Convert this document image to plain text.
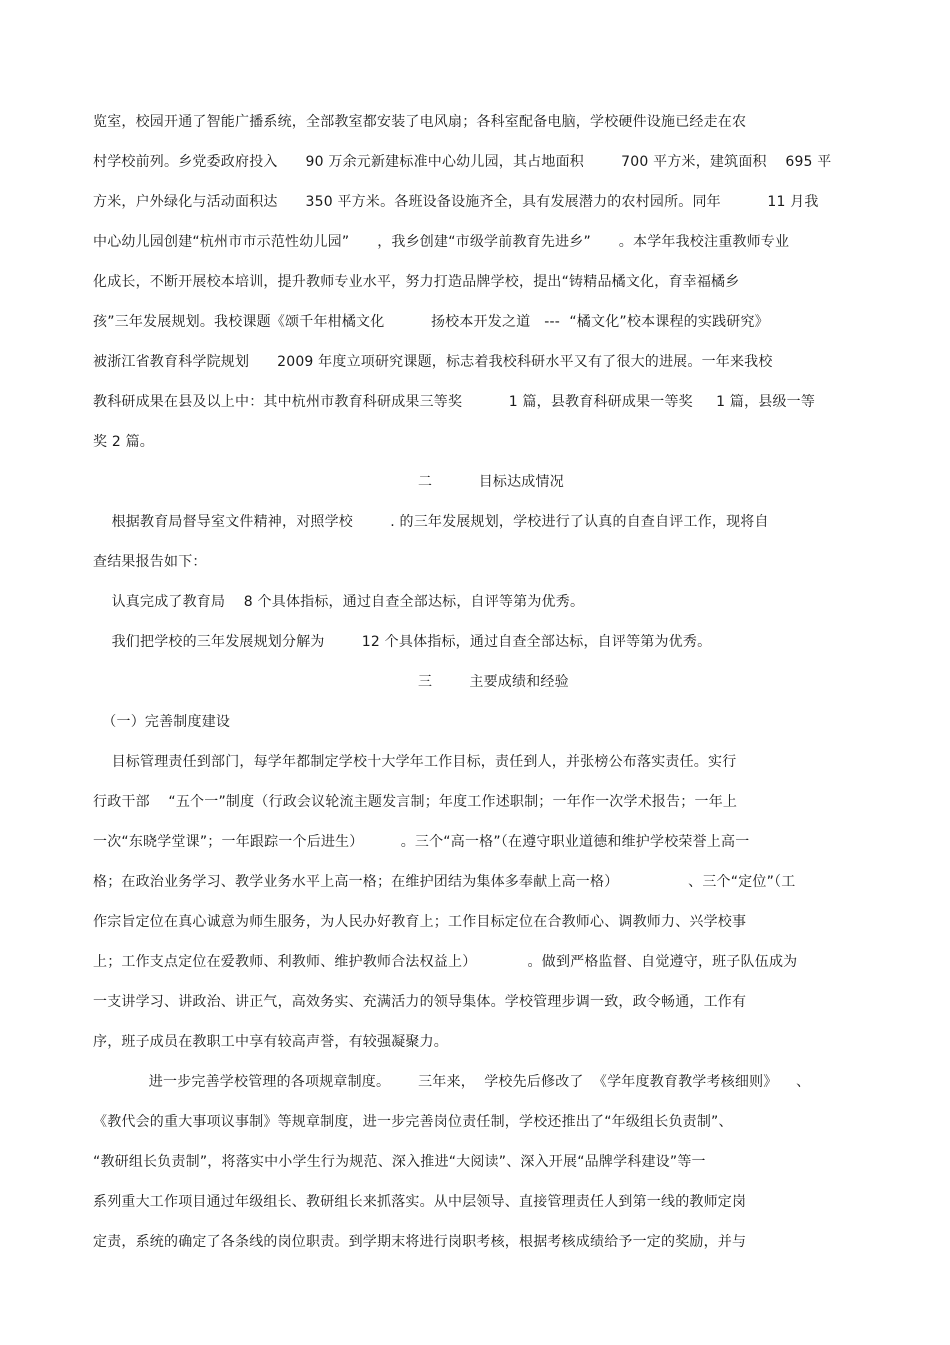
览室，校园开通了智能广播系统，全部教室都安装了电风扇；各科室配备电脑，学校硬件设施已经走在农
村学校前列。乡党委政府投入      90 万余元新建标准中心幼儿园，其占地面积        700 平方米，建筑面积    695 平
方米，户外绿化与活动面积达      350 平方米。各班设备设施齐全，具有发展潜力的农村园所。同年          11 月我
中心幼儿园创建“杭州市市示范性幼儿园”      ，我乡创建“市级学前教育先进乡”      。本学年我校注重教师专业
化成长，不断开展校本培训，提升教师专业水平，努力打造品牌学校，提出“铸精品橘文化，育幸福橘乡
孩”三年发展规划。我校课题《颂千年柑橘文化          扬校本开发之道   ---  “橘文化”校本课程的实践研究》
被浙江省教育科学院规划      2009 年度立项研究课题，标志着我校科研水平又有了很大的进展。一年来我校
教科研成果在县及以上中：其中杭州市教育科研成果三等奖          1 篇，县教育科研成果一等奖     1 篇，县级一等
奖 2 篇。
二          目标达成情况
根据教育局督导室文件精神，对照学校        . 的三年发展规划，学校进行了认真的自查自评工作，现将自
查结果报告如下：
认真完成了教育局    8 个具体指标，通过自查全部达标，自评等第为优秀。
我们把学校的三年发展规划分解为        12 个具体指标，通过自查全部达标，自评等第为优秀。
三        主要成绩和经验
（一）完善制度建设
目标管理责任到部门，每学年都制定学校十大学年工作目标，责任到人，并张榜公布落实责任。实行
行政干部    “五个一”制度（行政会议轮流主题发言制；年度工作述职制；一年作一次学术报告；一年上
一次“东晓学堂课”；一年跟踪一个后进生）        。三个“高一格”（在遵守职业道德和维护学校荣誉上高一
格；在政治业务学习、教学业务水平上高一格；在维护团结为集体多奉献上高一格）               、三个“定位”（工
作宗旨定位在真心诚意为师生服务，为人民办好教育上；工作目标定位在合教师心、调教师力、兴学校事
上；工作支点定位在爱教师、利教师、维护教师合法权益上）           。做到严格监督、自觉遵守，班子队伍成为
一支讲学习、讲政治、讲正气，高效务实、充满活力的领导集体。学校管理步调一致，政令畅通，工作有
序，班子成员在教职工中享有较高声誉，有较强凝聚力。
进一步完善学校管理的各项规章制度。      三年来，  学校先后修改了  《学年度教育教学考核细则》    、
《教代会的重大事项议事制》等规章制度，进一步完善岗位责任制，学校还推出了“年级组长负责制”、
“教研组长负责制”，将落实中小学生行为规范、深入推进“大阅读”、深入开展“品牌学科建设”等一
系列重大工作项目通过年级组长、教研组长来抓落实。从中层领导、直接管理责任人到第一线的教师定岗
定责，系统的确定了各条线的岗位职责。到学期末将进行岗职考核，根据考核成绩给予一定的奖励，并与
